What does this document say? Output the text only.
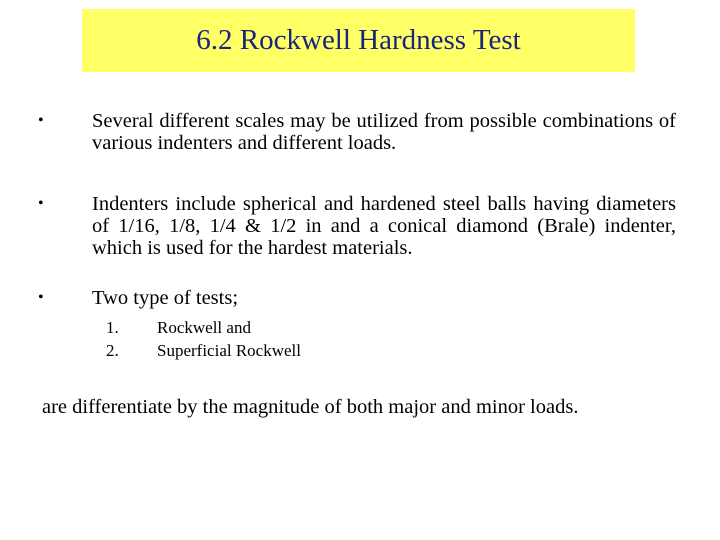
6.2 Rockwell Hardness Test
•	Several different scales may be utilized from possible combinations of various indenters and different loads.
•	Indenters include spherical and hardened steel balls having diameters of 1/16, 1/8, 1/4 & 1/2 in and a conical diamond (Brale) indenter, which is used for the hardest materials.
•	Two type of tests;
1. Rockwell and
2. Superficial Rockwell
are differentiate by the magnitude of both major and minor loads.
